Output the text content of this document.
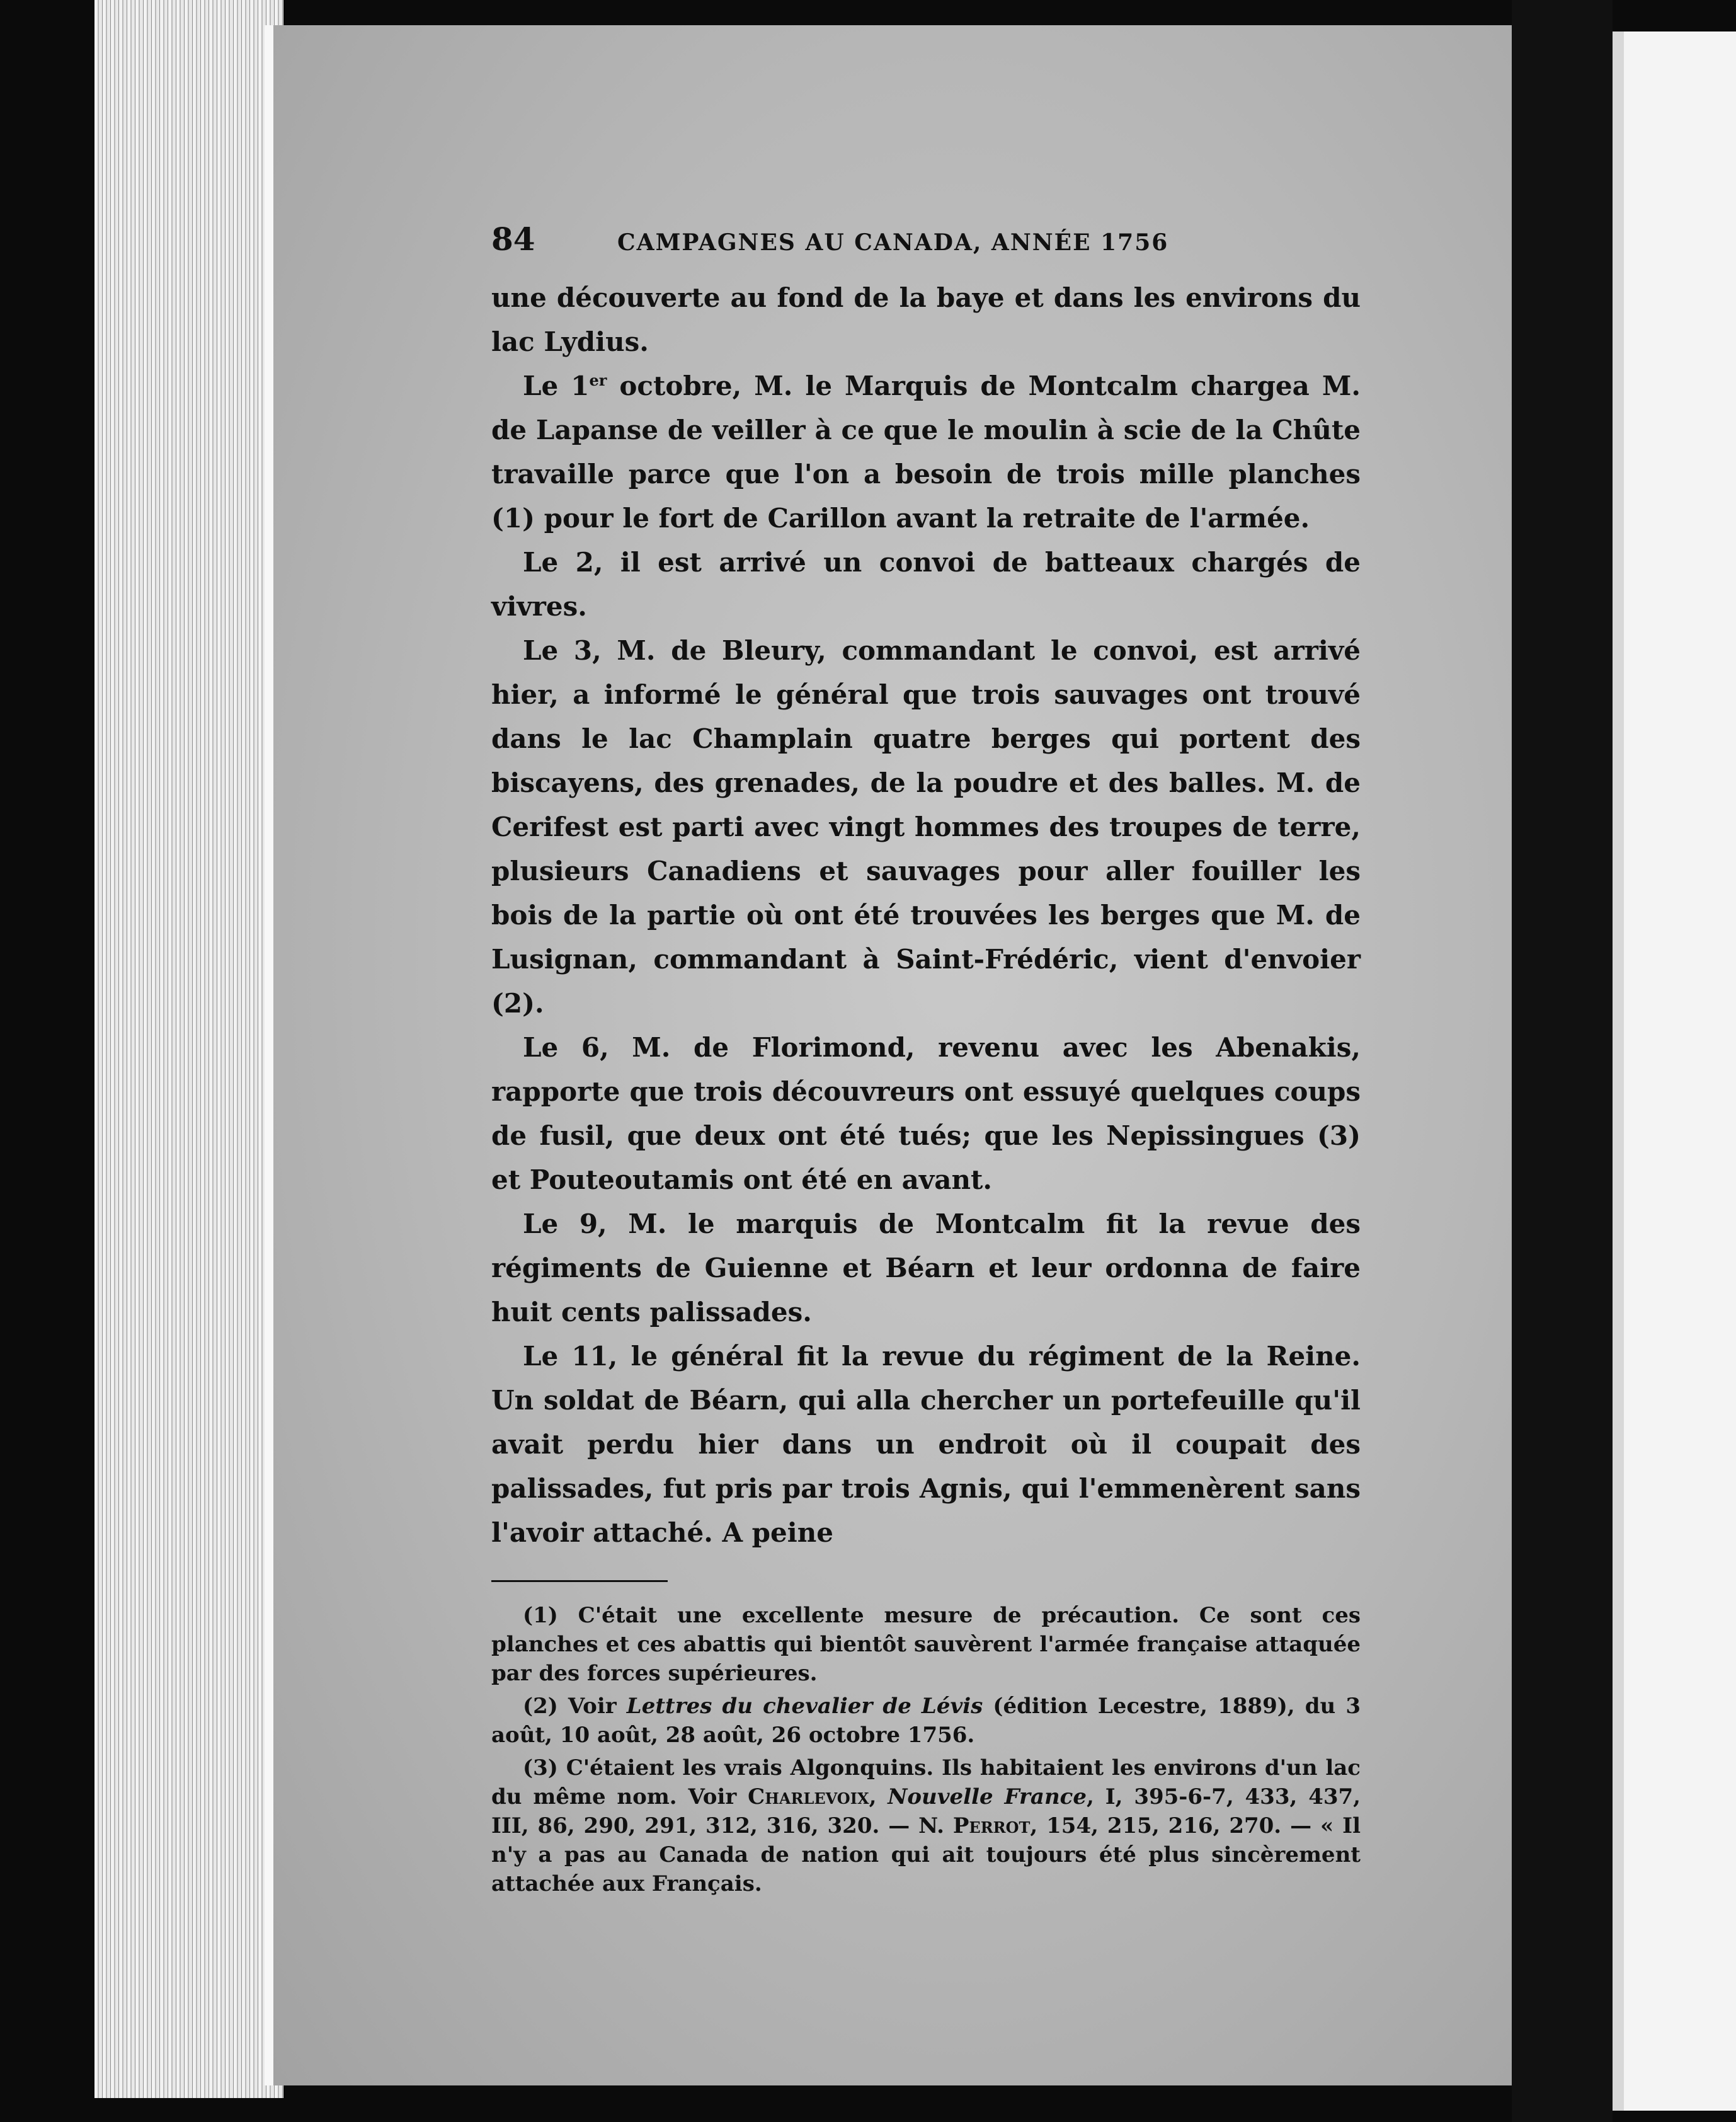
84	CAMPAGNES AU CANADA, ANNÉE 1756

une découverte au fond de la baye et dans les environs du lac Lydius.

Le 1er octobre, M. le Marquis de Montcalm chargea M. de Lapanse de veiller à ce que le moulin à scie de la Chûte travaille parce que l'on a besoin de trois mille planches (1) pour le fort de Carillon avant la retraite de l'armée.

Le 2, il est arrivé un convoi de batteaux chargés de vivres.

Le 3, M. de Bleury, commandant le convoi, est arrivé hier, a informé le général que trois sauvages ont trouvé dans le lac Champlain quatre berges qui portent des biscayens, des grenades, de la poudre et des balles. M. de Cerifest est parti avec vingt hommes des troupes de terre, plusieurs Canadiens et sauvages pour aller fouiller les bois de la partie où ont été trouvées les berges que M. de Lusignan, commandant à Saint-Frédéric, vient d'envoier (2).

Le 6, M. de Florimond, revenu avec les Abenakis, rapporte que trois découvreurs ont essuyé quelques coups de fusil, que deux ont été tués; que les Nepissingues (3) et Pouteoutamis ont été en avant.

Le 9, M. le marquis de Montcalm fit la revue des régiments de Guienne et Béarn et leur ordonna de faire huit cents palissades.

Le 11, le général fit la revue du régiment de la Reine. Un soldat de Béarn, qui alla chercher un portefeuille qu'il avait perdu hier dans un endroit où il coupait des palissades, fut pris par trois Agnis, qui l'emmenèrent sans l'avoir attaché. A peine

(1) C'était une excellente mesure de précaution. Ce sont ces planches et ces abattis qui bientôt sauvèrent l'armée française attaquée par des forces supérieures.

(2) Voir Lettres du chevalier de Lévis (édition Lecestre, 1889), du 3 août, 10 août, 28 août, 26 octobre 1756.

(3) C'étaient les vrais Algonquins. Ils habitaient les environs d'un lac du même nom. Voir Charlevoix, Nouvelle France, I, 395-6-7, 433, 437, III, 86, 290, 291, 312, 316, 320. — N. Perrot, 154, 215, 216, 270. — « Il n'y a pas au Canada de nation qui ait toujours été plus sincèrement attachée aux Français.
